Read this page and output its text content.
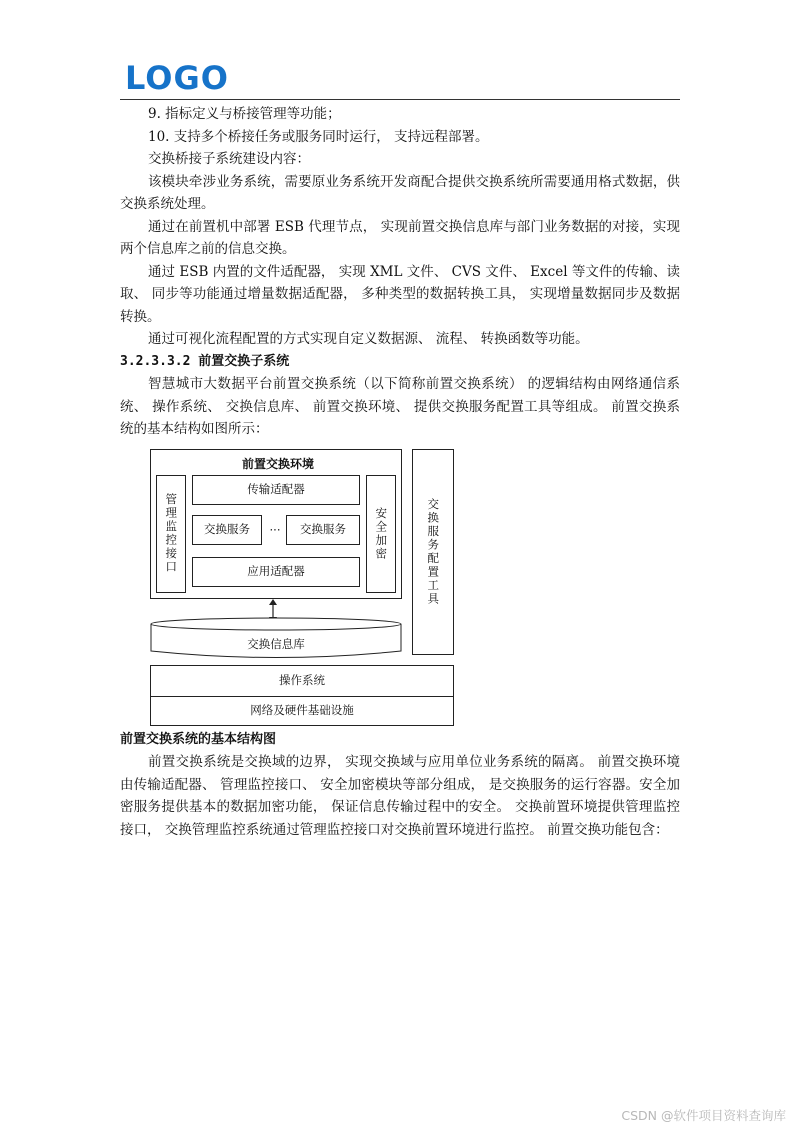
LOGO

9. 指标定义与桥接管理等功能；

10. 支持多个桥接任务或服务同时运行， 支持远程部署。

交换桥接子系统建设内容：

该模块牵涉业务系统，需要原业务系统开发商配合提供交换系统所需要通用格式数据，供交换系统处理。

通过在前置机中部署 ESB 代理节点， 实现前置交换信息库与部门业务数据的对接，实现两个信息库之前的信息交换。

通过 ESB 内置的文件适配器， 实现 XML 文件、 CVS 文件、 Excel 等文件的传输、读取、 同步等功能通过增量数据适配器， 多种类型的数据转换工具， 实现增量数据同步及数据转换。

通过可视化流程配置的方式实现自定义数据源、 流程、 转换函数等功能。

3.2.3.3.2 前置交换子系统

智慧城市大数据平台前置交换系统（以下简称前置交换系统） 的逻辑结构由网络通信系统、 操作系统、 交换信息库、 前置交换环境、 提供交换服务配置工具等组成。 前置交换系统的基本结构如图所示：

前置交换环境
管理监控接口
传输适配器
交换服务	···	交换服务
应用适配器
安全加密	交换服务配置工具
交换信息库
操作系统
网络及硬件基础设施

前置交换系统的基本结构图

前置交换系统是交换域的边界， 实现交换域与应用单位业务系统的隔离。 前置交换环境由传输适配器、 管理监控接口、 安全加密模块等部分组成， 是交换服务的运行容器。安全加密服务提供基本的数据加密功能， 保证信息传输过程中的安全。 交换前置环境提供管理监控接口， 交换管理监控系统通过管理监控接口对交换前置环境进行监控。 前置交换功能包含：

CSDN @软件项目资料查询库
